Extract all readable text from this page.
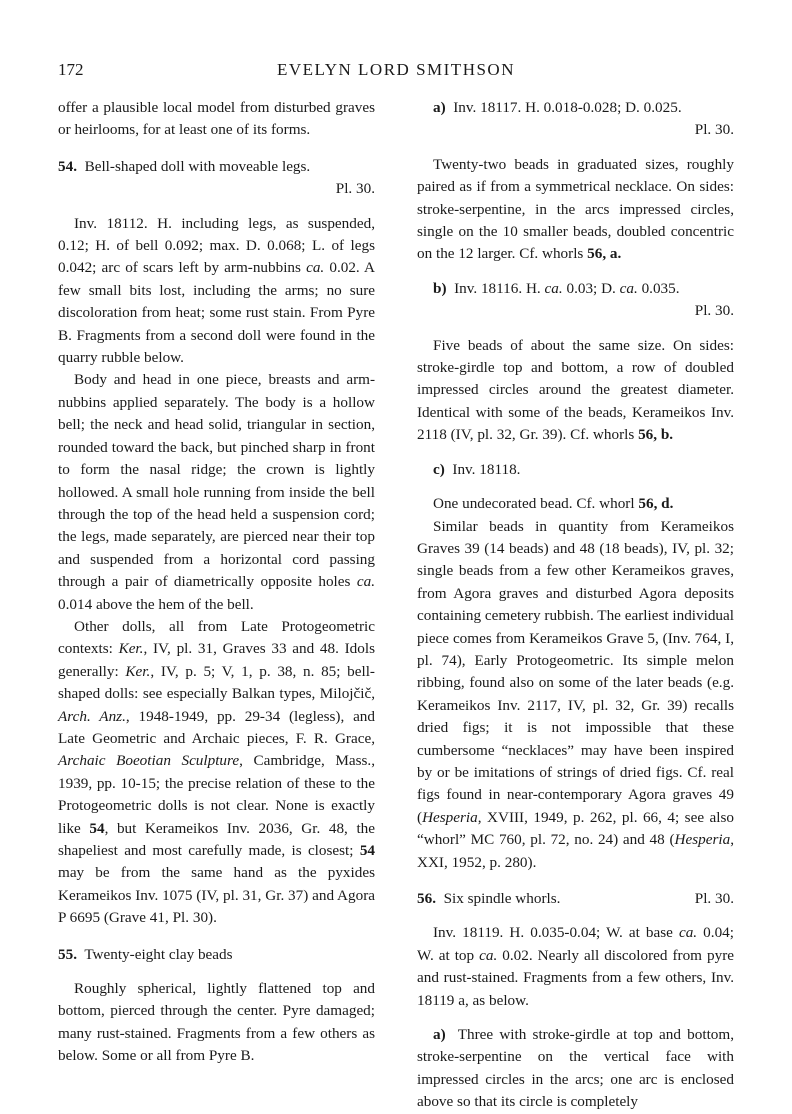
172	EVELYN LORD SMITHSON

offer a plausible local model from disturbed graves or heirlooms, for at least one of its forms.

54. Bell-shaped doll with moveable legs.

Pl. 30.

Inv. 18112. H. including legs, as suspended, 0.12; H. of bell 0.092; max. D. 0.068; L. of legs 0.042; arc of scars left by arm-nubbins ca. 0.02. A few small bits lost, including the arms; no sure discoloration from heat; some rust stain. From Pyre B. Fragments from a second doll were found in the quarry rubble below.

Body and head in one piece, breasts and arm-nubbins applied separately. The body is a hollow bell; the neck and head solid, triangular in section, rounded toward the back, but pinched sharp in front to form the nasal ridge; the crown is lightly hollowed. A small hole running from inside the bell through the top of the head held a suspension cord; the legs, made separately, are pierced near their top and suspended from a horizontal cord passing through a pair of diametrically opposite holes ca. 0.014 above the hem of the bell.

Other dolls, all from Late Protogeometric contexts: Ker., IV, pl. 31, Graves 33 and 48. Idols generally: Ker., IV, p. 5; V, 1, p. 38, n. 85; bell-shaped dolls: see especially Balkan types, Milojčič, Arch. Anz., 1948-1949, pp. 29-34 (legless), and Late Geometric and Archaic pieces, F. R. Grace, Archaic Boeotian Sculpture, Cambridge, Mass., 1939, pp. 10-15; the precise relation of these to the Protogeometric dolls is not clear. None is exactly like 54, but Kerameikos Inv. 2036, Gr. 48, the shapeliest and most carefully made, is closest; 54 may be from the same hand as the pyxides Kerameikos Inv. 1075 (IV, pl. 31, Gr. 37) and Agora P 6695 (Grave 41, Pl. 30).

55. Twenty-eight clay beads

Roughly spherical, lightly flattened top and bottom, pierced through the center. Pyre damaged; many rust-stained. Fragments from a few others as below. Some or all from Pyre B.

a) Inv. 18117. H. 0.018-0.028; D. 0.025.

Pl. 30.

Twenty-two beads in graduated sizes, roughly paired as if from a symmetrical necklace. On sides: stroke-serpentine, in the arcs impressed circles, single on the 10 smaller beads, doubled concentric on the 12 larger. Cf. whorls 56, a.

b) Inv. 18116. H. ca. 0.03; D. ca. 0.035.

Pl. 30.

Five beads of about the same size. On sides: stroke-girdle top and bottom, a row of doubled impressed circles around the greatest diameter. Identical with some of the beads, Kerameikos Inv. 2118 (IV, pl. 32, Gr. 39). Cf. whorls 56, b.

c) Inv. 18118.

One undecorated bead. Cf. whorl 56, d.

Similar beads in quantity from Kerameikos Graves 39 (14 beads) and 48 (18 beads), IV, pl. 32; single beads from a few other Kerameikos graves, from Agora graves and disturbed Agora deposits containing cemetery rubbish. The earliest individual piece comes from Kerameikos Grave 5, (Inv. 764, I, pl. 74), Early Protogeometric. Its simple melon ribbing, found also on some of the later beads (e.g. Kerameikos Inv. 2117, IV, pl. 32, Gr. 39) recalls dried figs; it is not impossible that these cumbersome “necklaces” may have been inspired by or be imitations of strings of dried figs. Cf. real figs found in near-contemporary Agora graves 49 (Hesperia, XVIII, 1949, p. 262, pl. 66, 4; see also “whorl” MC 760, pl. 72, no. 24) and 48 (Hesperia, XXI, 1952, p. 280).

56. Six spindle whorls.	Pl. 30.

Inv. 18119. H. 0.035-0.04; W. at base ca. 0.04; W. at top ca. 0.02. Nearly all discolored from pyre and rust-stained. Fragments from a few others, Inv. 18119 a, as below.

a) Three with stroke-girdle at top and bottom, stroke-serpentine on the vertical face with impressed circles in the arcs; one arc is enclosed above so that its circle is completely
